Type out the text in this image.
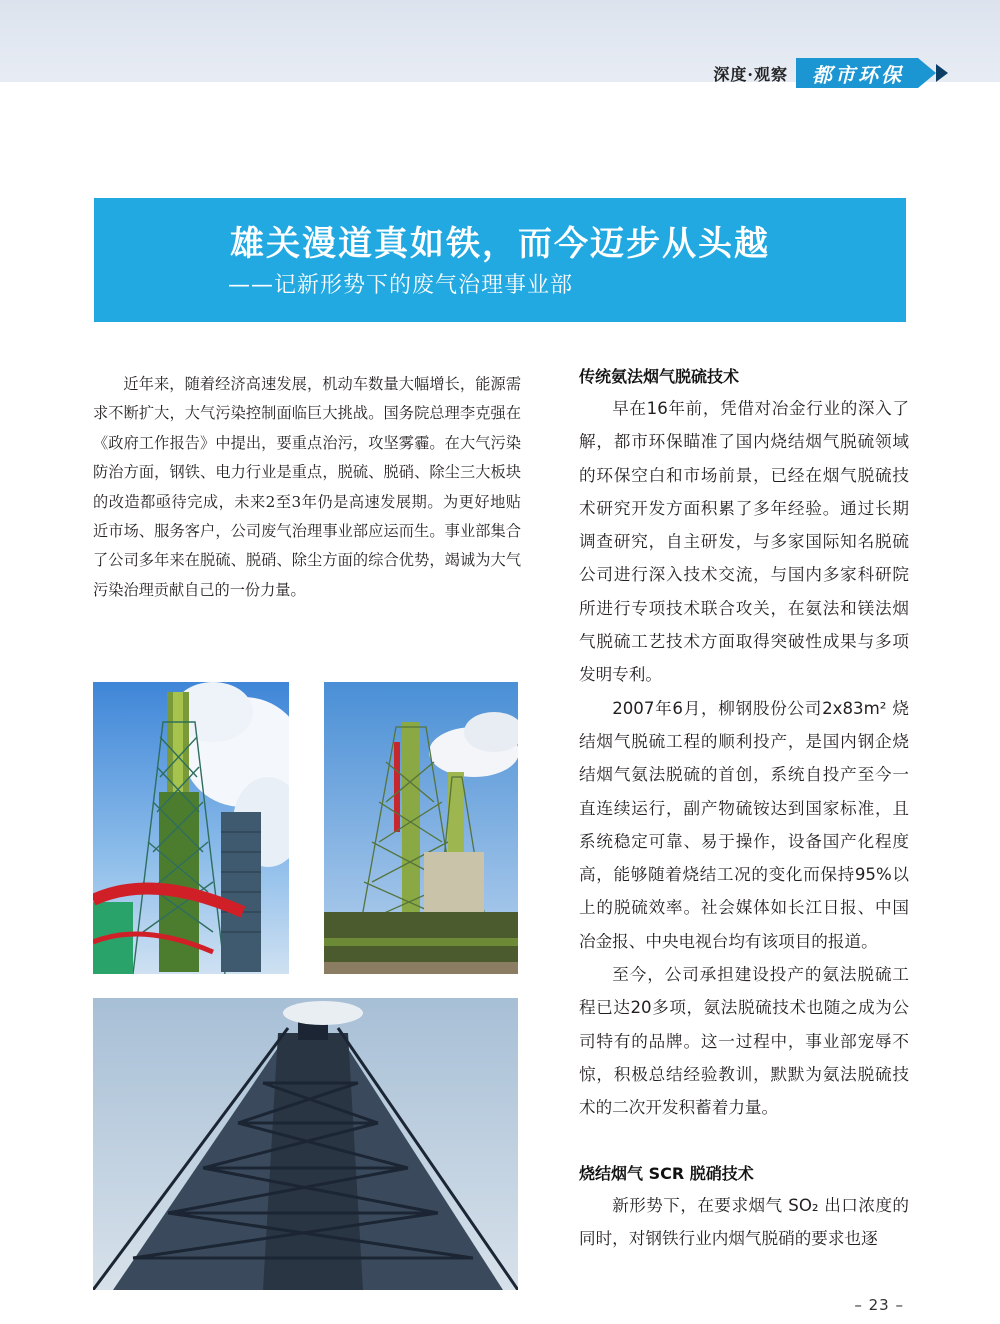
深度·观察 都市环保
雄关漫道真如铁，而今迈步从头越
——记新形势下的废气治理事业部
近年来，随着经济高速发展，机动车数量大幅增长，能源需求不断扩大，大气污染控制面临巨大挑战。国务院总理李克强在《政府工作报告》中提出，要重点治污，攻坚雾霾。在大气污染防治方面，钢铁、电力行业是重点，脱硫、脱硝、除尘三大板块的改造都亟待完成，未来2至3年仍是高速发展期。为更好地贴近市场、服务客户，公司废气治理事业部应运而生。事业部集合了公司多年来在脱硫、脱硝、除尘方面的综合优势，竭诚为大气污染治理贡献自己的一份力量。
传统氨法烟气脱硫技术

早在16年前，凭借对冶金行业的深入了解，都市环保瞄准了国内烧结烟气脱硫领域的环保空白和市场前景，已经在烟气脱硫技术研究开发方面积累了多年经验。通过长期调查研究，自主研发，与多家国际知名脱硫公司进行深入技术交流，与国内多家科研院所进行专项技术联合攻关，在氨法和镁法烟气脱硫工艺技术方面取得突破性成果与多项发明专利。

2007年6月，柳钢股份公司2x83m² 烧结烟气脱硫工程的顺利投产，是国内钢企烧结烟气氨法脱硫的首创，系统自投产至今一直连续运行，副产物硫铵达到国家标准，且系统稳定可靠、易于操作，设备国产化程度高，能够随着烧结工况的变化而保持95%以上的脱硫效率。社会媒体如长江日报、中国冶金报、中央电视台均有该项目的报道。

至今，公司承担建设投产的氨法脱硫工程已达20多项，氨法脱硫技术也随之成为公司特有的品牌。这一过程中，事业部宠辱不惊，积极总结经验教训，默默为氨法脱硫技术的二次开发积蓄着力量。

烧结烟气 SCR 脱硝技术

新形势下，在要求烟气 SO₂ 出口浓度的同时，对钢铁行业内烟气脱硝的要求也逐

– 23 –
